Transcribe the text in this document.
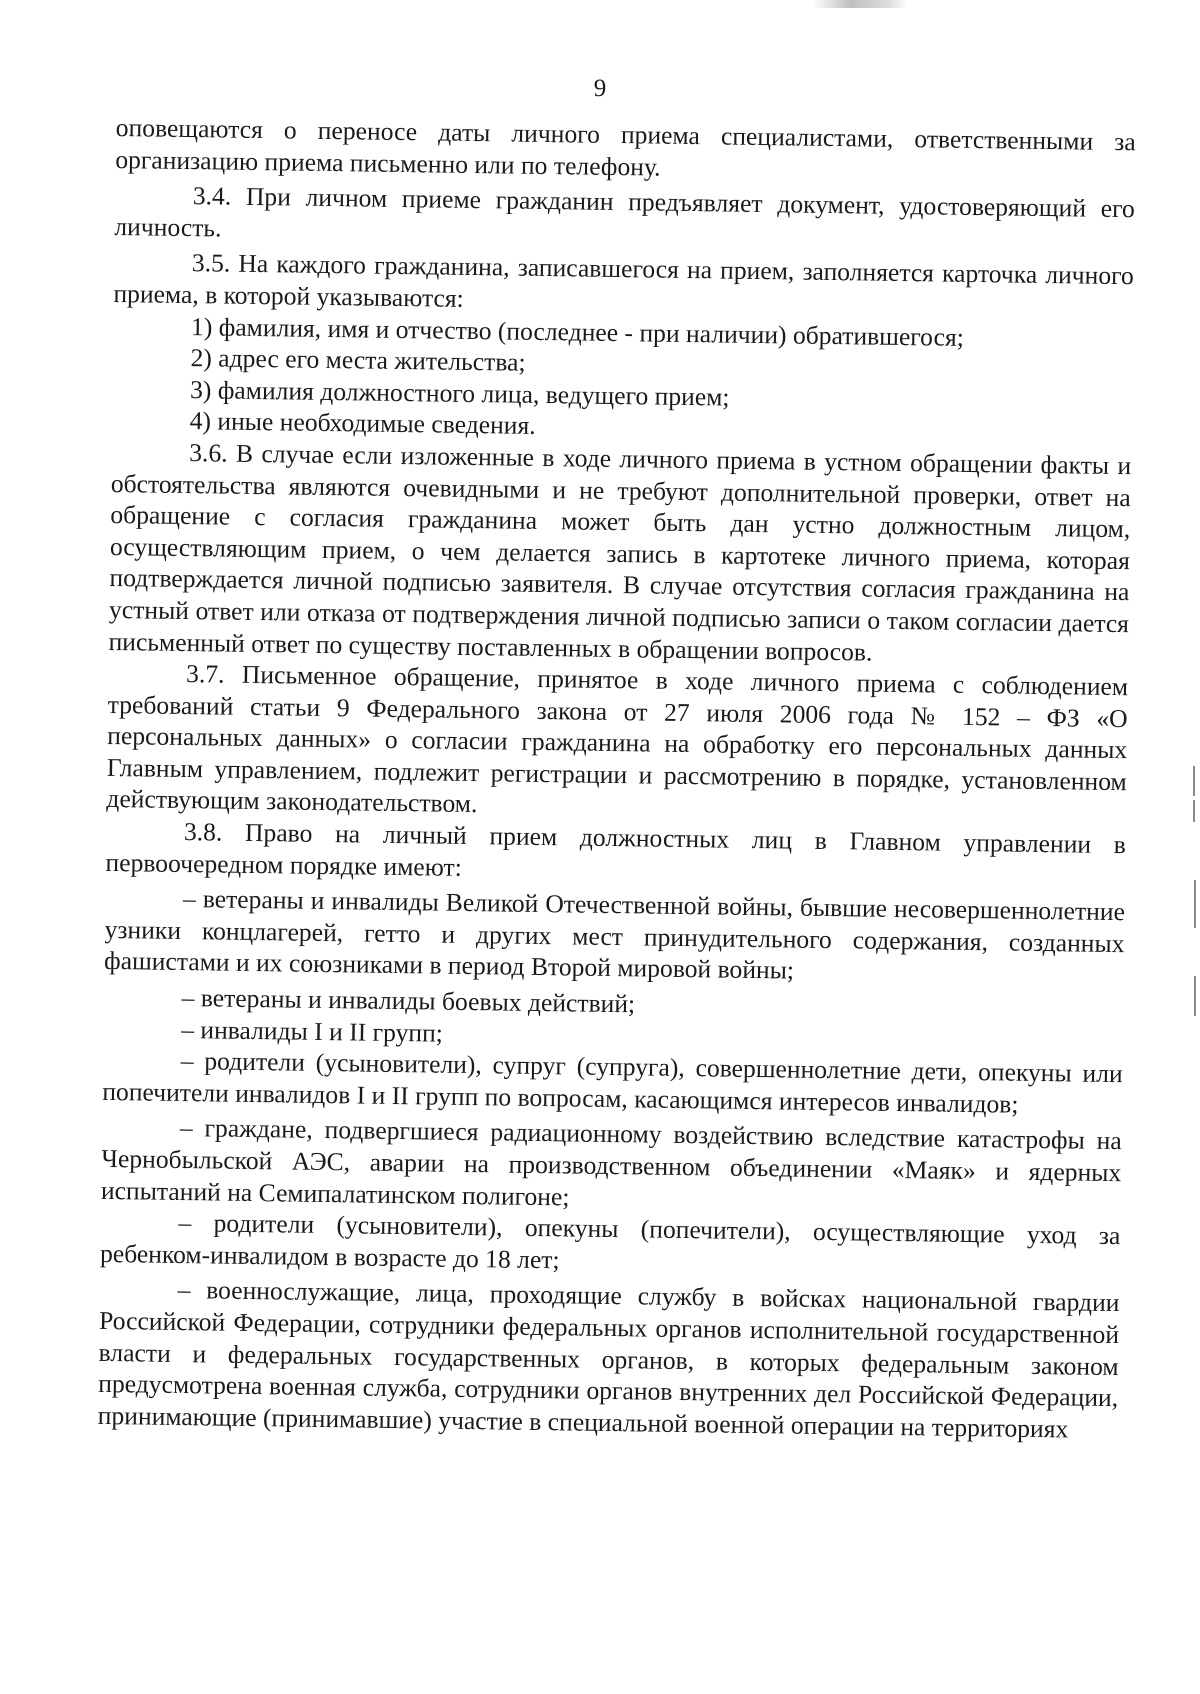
9

оповещаются о переносе даты личного приема специалистами, ответственными за организацию приема письменно или по телефону.

3.4. При личном приеме гражданин предъявляет документ, удостоверяющий его личность.

3.5. На каждого гражданина, записавшегося на прием, заполняется карточка личного приема, в которой указываются:

1) фамилия, имя и отчество (последнее - при наличии) обратившегося;

2) адрес его места жительства;

3) фамилия должностного лица, ведущего прием;

4) иные необходимые сведения.

3.6. В случае если изложенные в ходе личного приема в устном обращении факты и обстоятельства являются очевидными и не требуют дополнительной проверки, ответ на обращение с согласия гражданина может быть дан устно должностным лицом, осуществляющим прием, о чем делается запись в картотеке личного приема, которая подтверждается личной подписью заявителя. В случае отсутствия согласия гражданина на устный ответ или отказа от подтверждения личной подписью записи о таком согласии дается письменный ответ по существу поставленных в обращении вопросов.

3.7. Письменное обращение, принятое в ходе личного приема с соблюдением требований статьи 9 Федерального закона от 27 июля 2006 года № 152 – ФЗ «О персональных данных» о согласии гражданина на обработку его персональных данных Главным управлением, подлежит регистрации и рассмотрению в порядке, установленном действующим законодательством.

3.8. Право на личный прием должностных лиц в Главном управлении в первоочередном порядке имеют:

– ветераны и инвалиды Великой Отечественной войны, бывшие несовершеннолетние узники концлагерей, гетто и других мест принудительного содержания, созданных фашистами и их союзниками в период Второй мировой войны;

– ветераны и инвалиды боевых действий;

– инвалиды I и II групп;

– родители (усыновители), супруг (супруга), совершеннолетние дети, опекуны или попечители инвалидов I и II групп по вопросам, касающимся интересов инвалидов;

– граждане, подвергшиеся радиационному воздействию вследствие катастрофы на Чернобыльской АЭС, аварии на производственном объединении «Маяк» и ядерных испытаний на Семипалатинском полигоне;

– родители (усыновители), опекуны (попечители), осуществляющие уход за ребенком-инвалидом в возрасте до 18 лет;

– военнослужащие, лица, проходящие службу в войсках национальной гвардии Российской Федерации, сотрудники федеральных органов исполнительной государственной власти и федеральных государственных органов, в которых федеральным законом предусмотрена военная служба, сотрудники органов внутренних дел Российской Федерации, принимающие (принимавшие) участие в специальной военной операции на территориях
